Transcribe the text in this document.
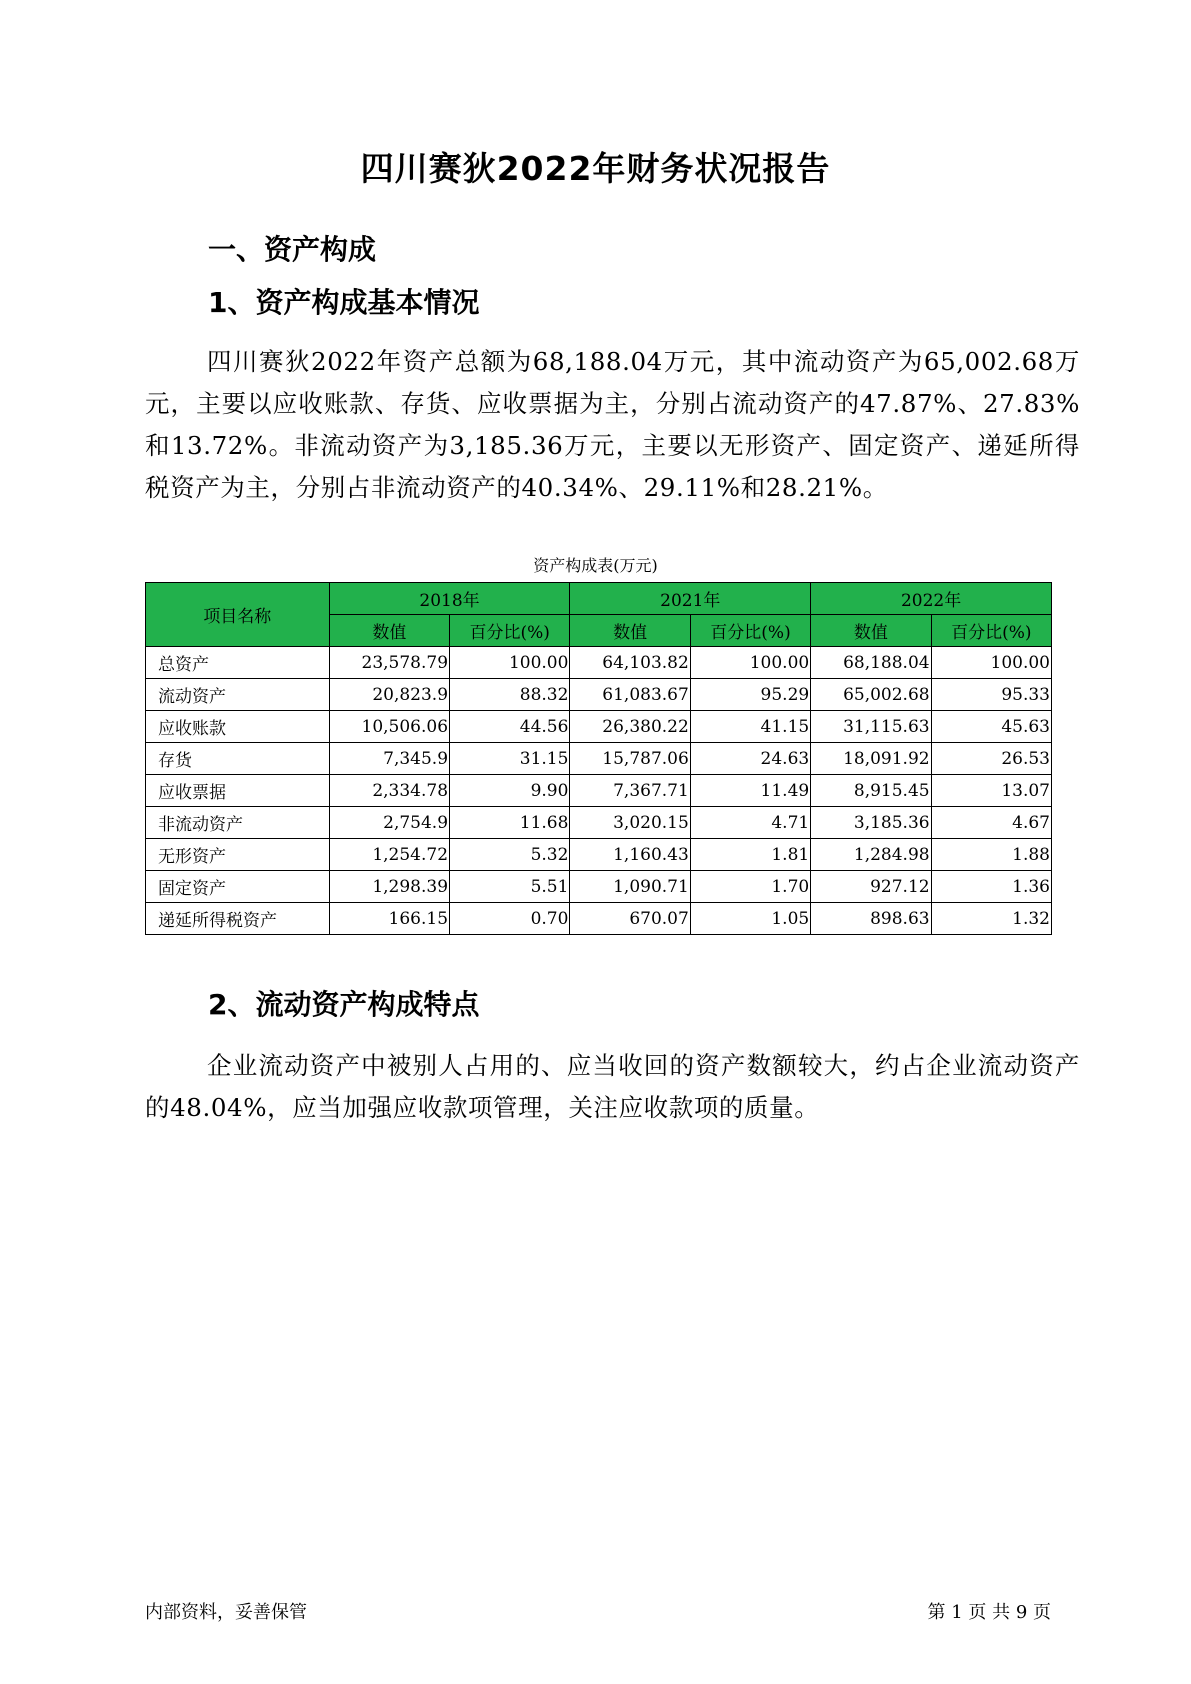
四川赛狄2022年财务状况报告
一、资产构成
1、资产构成基本情况
四川赛狄2022年资产总额为68,188.04万元，其中流动资产为65,002.68万元，主要以应收账款、存货、应收票据为主，分别占流动资产的47.87%、27.83%和13.72%。非流动资产为3,185.36万元，主要以无形资产、固定资产、递延所得税资产为主，分别占非流动资产的40.34%、29.11%和28.21%。
资产构成表(万元)
项目名称	2018年		2021年		2022年	
	数值	百分比(%)	数值	百分比(%)	数值	百分比(%)
总资产	23,578.79	100.00	64,103.82	100.00	68,188.04	100.00
流动资产	20,823.9	88.32	61,083.67	95.29	65,002.68	95.33
应收账款	10,506.06	44.56	26,380.22	41.15	31,115.63	45.63
存货	7,345.9	31.15	15,787.06	24.63	18,091.92	26.53
应收票据	2,334.78	9.90	7,367.71	11.49	8,915.45	13.07
非流动资产	2,754.9	11.68	3,020.15	4.71	3,185.36	4.67
无形资产	1,254.72	5.32	1,160.43	1.81	1,284.98	1.88
固定资产	1,298.39	5.51	1,090.71	1.70	927.12	1.36
递延所得税资产	166.15	0.70	670.07	1.05	898.63	1.32
2、流动资产构成特点
企业流动资产中被别人占用的、应当收回的资产数额较大，约占企业流动资产的48.04%，应当加强应收款项管理，关注应收款项的质量。
内部资料，妥善保管	第 1 页 共 9 页
